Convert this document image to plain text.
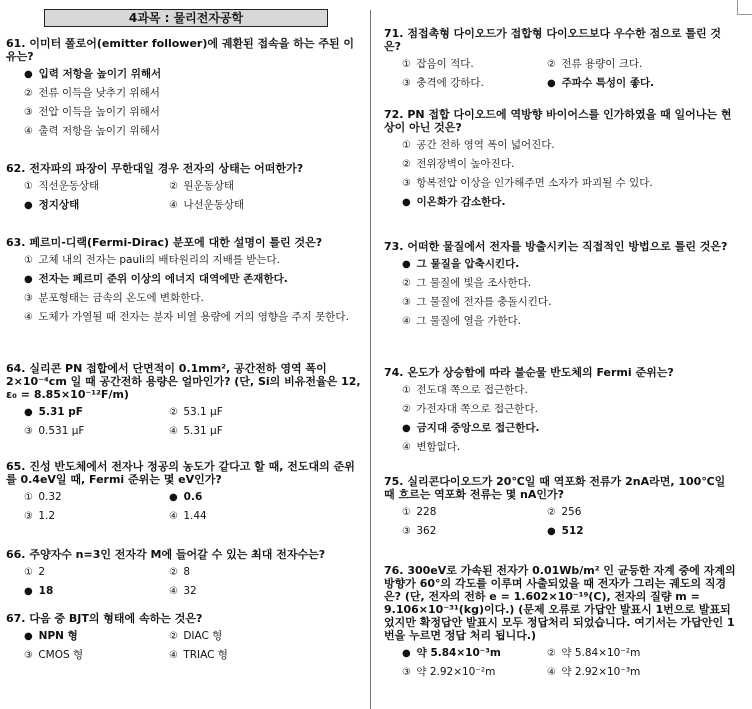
4과목 : 물리전자공학
61. 이미터 폴로어(emitter follower)에 궤환된 접속을 하는 주된 이유는?
● 입력 저항을 높이기 위해서
② 전류 이득을 낮추기 위해서
③ 전압 이득을 높이기 위해서
④ 출력 저항을 높이기 위해서
62. 전자파의 파장이 무한대일 경우 전자의 상태는 어떠한가?
① 직선운동상태	② 원운동상태
● 정지상태	④ 나선운동상태
63. 페르미-디랙(Fermi-Dirac) 분포에 대한 설명이 틀린 것은?
① 고체 내의 전자는 pauli의 배타원리의 지배를 받는다.
● 전자는 페르미 준위 이상의 에너지 대역에만 존재한다.
③ 분포형태는 금속의 온도에 변화한다.
④ 도체가 가열될 때 전자는 분자 비열 용량에 거의 영향을 주지 못한다.
64. 실리콘 PN 접합에서 단면적이 0.1mm², 공간전하 영역 폭이 2×10⁻⁴cm 일 때 공간전하 용량은 얼마인가? (단, Si의 비유전율은 12, ε₀ = 8.85×10⁻¹²F/m)
● 5.31 pF	② 53.1 μF
③ 0.531 μF	④ 5.31 μF
65. 진성 반도체에서 전자나 정공의 농도가 같다고 할 때, 전도대의 준위를 0.4eV일 때, Fermi 준위는 몇 eV인가?
① 0.32	● 0.6
③ 1.2	④ 1.44
66. 주양자수 n=3인 전자각 M에 들어갈 수 있는 최대 전자수는?
① 2	② 8
● 18	④ 32
67. 다음 중 BJT의 형태에 속하는 것은?
● NPN 형	② DIAC 형
③ CMOS 형	④ TRIAC 형
71. 점접촉형 다이오드가 접합형 다이오드보다 우수한 점으로 틀린 것은?
① 잡음이 적다.	② 전류 용량이 크다.
③ 충격에 강하다.	● 주파수 특성이 좋다.
72. PN 접합 다이오드에 역방향 바이어스를 인가하였을 때 일어나는 현상이 아닌 것은?
① 공간 전하 영역 폭이 넓어진다.
② 전위장벽이 높아진다.
③ 항복전압 이상을 인가해주면 소자가 파괴될 수 있다.
● 이온화가 감소한다.
73. 어떠한 물질에서 전자를 방출시키는 직접적인 방법으로 틀린 것은?
● 그 물질을 압축시킨다.
② 그 물질에 빛을 조사한다.
③ 그 물질에 전자를 충돌시킨다.
④ 그 물질에 열을 가한다.
74. 온도가 상승함에 따라 불순물 반도체의 Fermi 준위는?
① 전도대 쪽으로 접근한다.
② 가전자대 쪽으로 접근한다.
● 금지대 중앙으로 접근한다.
④ 변함없다.
75. 실리콘다이오드가 20℃일 때 역포화 전류가 2nA라면, 100℃일 때 흐르는 역포화 전류는 몇 nA인가?
① 228	② 256
③ 362	● 512
76. 300eV로 가속된 전자가 0.01Wb/m² 인 균등한 자계 중에 자계의 방향가 60°의 각도를 이루며 사출되었을 때 전자가 그리는 궤도의 직경은? (단, 전자의 전하 e = 1.602×10⁻¹⁹(C), 전자의 질량 m = 9.106×10⁻³¹(kg)이다.) (문제 오류로 가답안 발표시 1번으로 발표되었지만 확정답안 발표시 모두 정답처리 되었습니다. 여기서는 가답안인 1번을 누르면 정답 처리 됩니다.)
● 약 5.84×10⁻³m	② 약 5.84×10⁻²m
③ 약 2.92×10⁻²m	④ 약 2.92×10⁻³m
